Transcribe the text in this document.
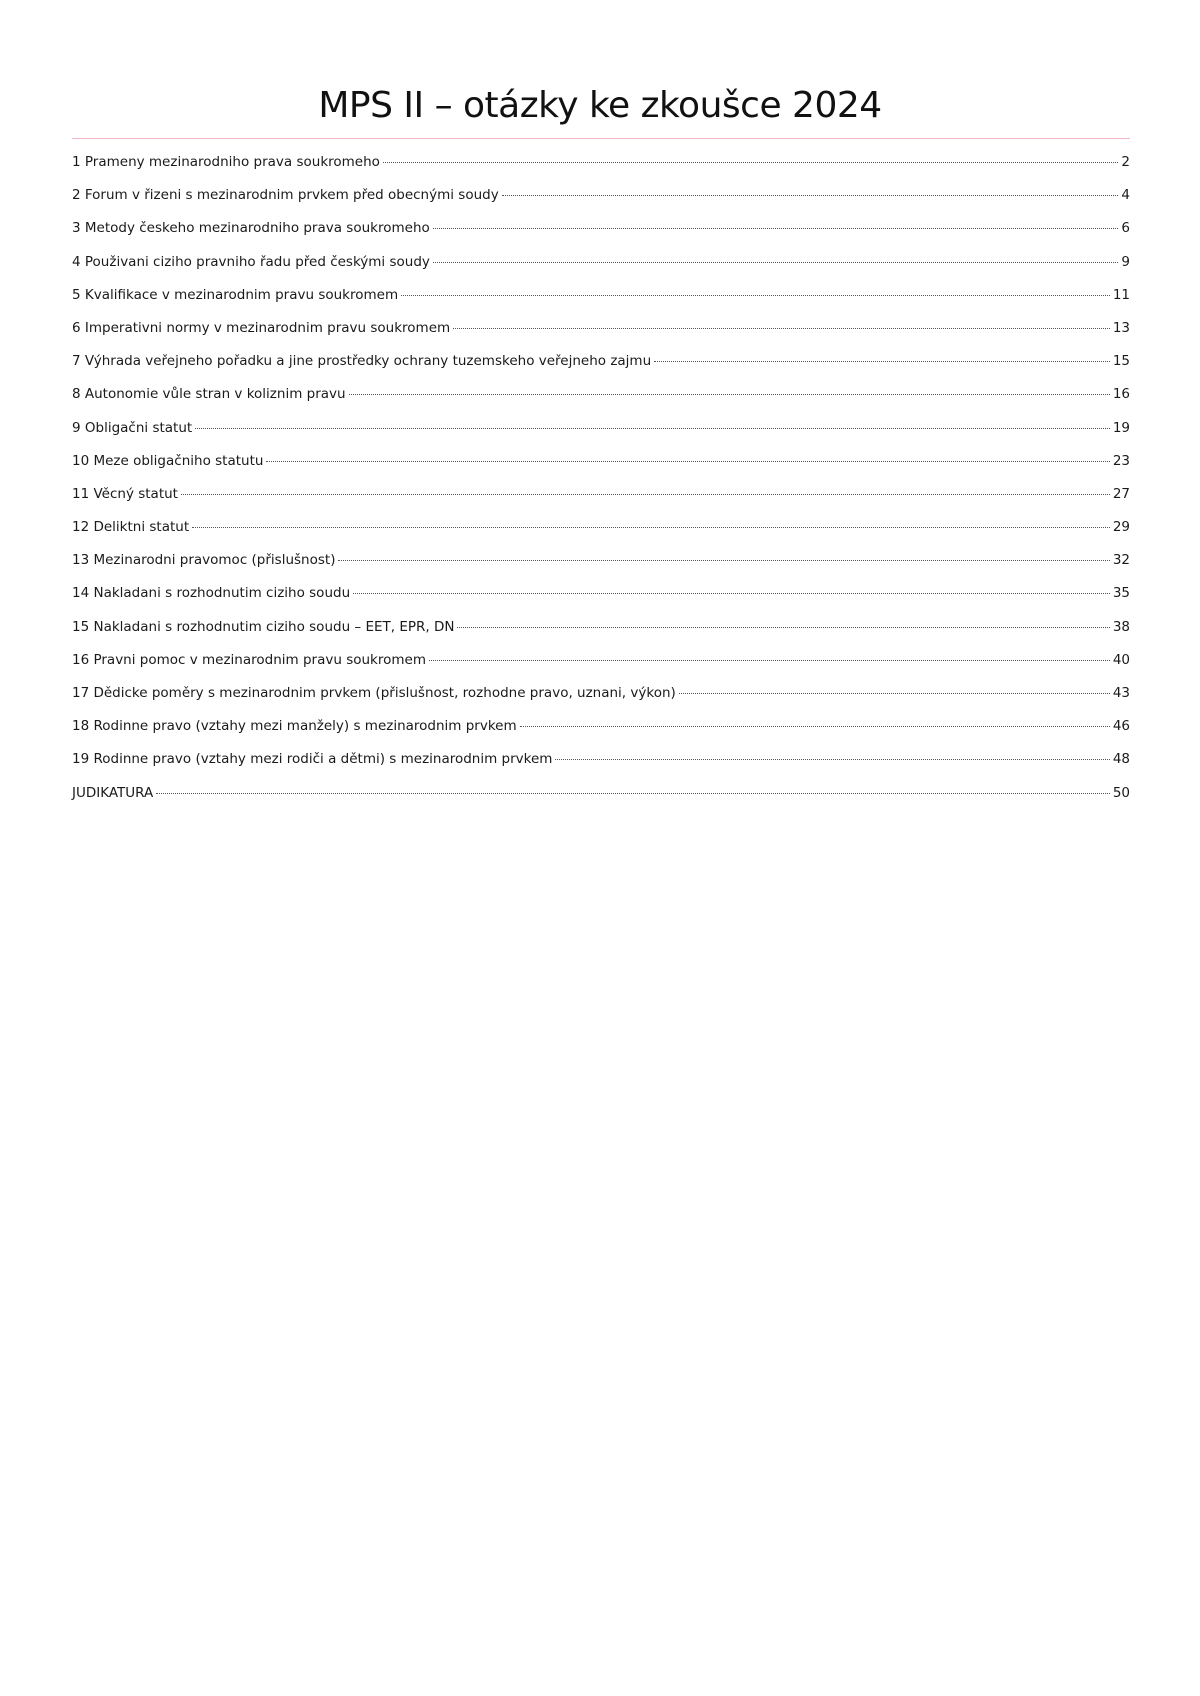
MPS II – otázky ke zkoušce 2024
1 Prameny mezinarodniho prava soukromeho	2
2 Forum v řizeni s mezinarodnim prvkem před obecnými soudy	4
3 Metody českeho mezinarodniho prava soukromeho	6
4 Použivani ciziho pravniho řadu před českými soudy	9
5 Kvalifikace v mezinarodnim pravu soukromem	11
6 Imperativni normy v mezinarodnim pravu soukromem	13
7 Výhrada veřejneho pořadku a jine prostředky ochrany tuzemskeho veřejneho zajmu	15
8 Autonomie vůle stran v koliznim pravu	16
9 Obligačni statut	19
10 Meze obligačniho statutu	23
11 Věcný statut	27
12 Deliktni statut	29
13 Mezinarodni pravomoc (přislušnost)	32
14 Nakladani s rozhodnutim ciziho soudu	35
15 Nakladani s rozhodnutim ciziho soudu – EET, EPR, DN	38
16 Pravni pomoc v mezinarodnim pravu soukromem	40
17 Dědicke poměry s mezinarodnim prvkem (přislušnost, rozhodne pravo, uznani, výkon)	43
18 Rodinne pravo (vztahy mezi manžely) s mezinarodnim prvkem	46
19 Rodinne pravo (vztahy mezi rodiči a dětmi) s mezinarodnim prvkem	48
JUDIKATURA	50
